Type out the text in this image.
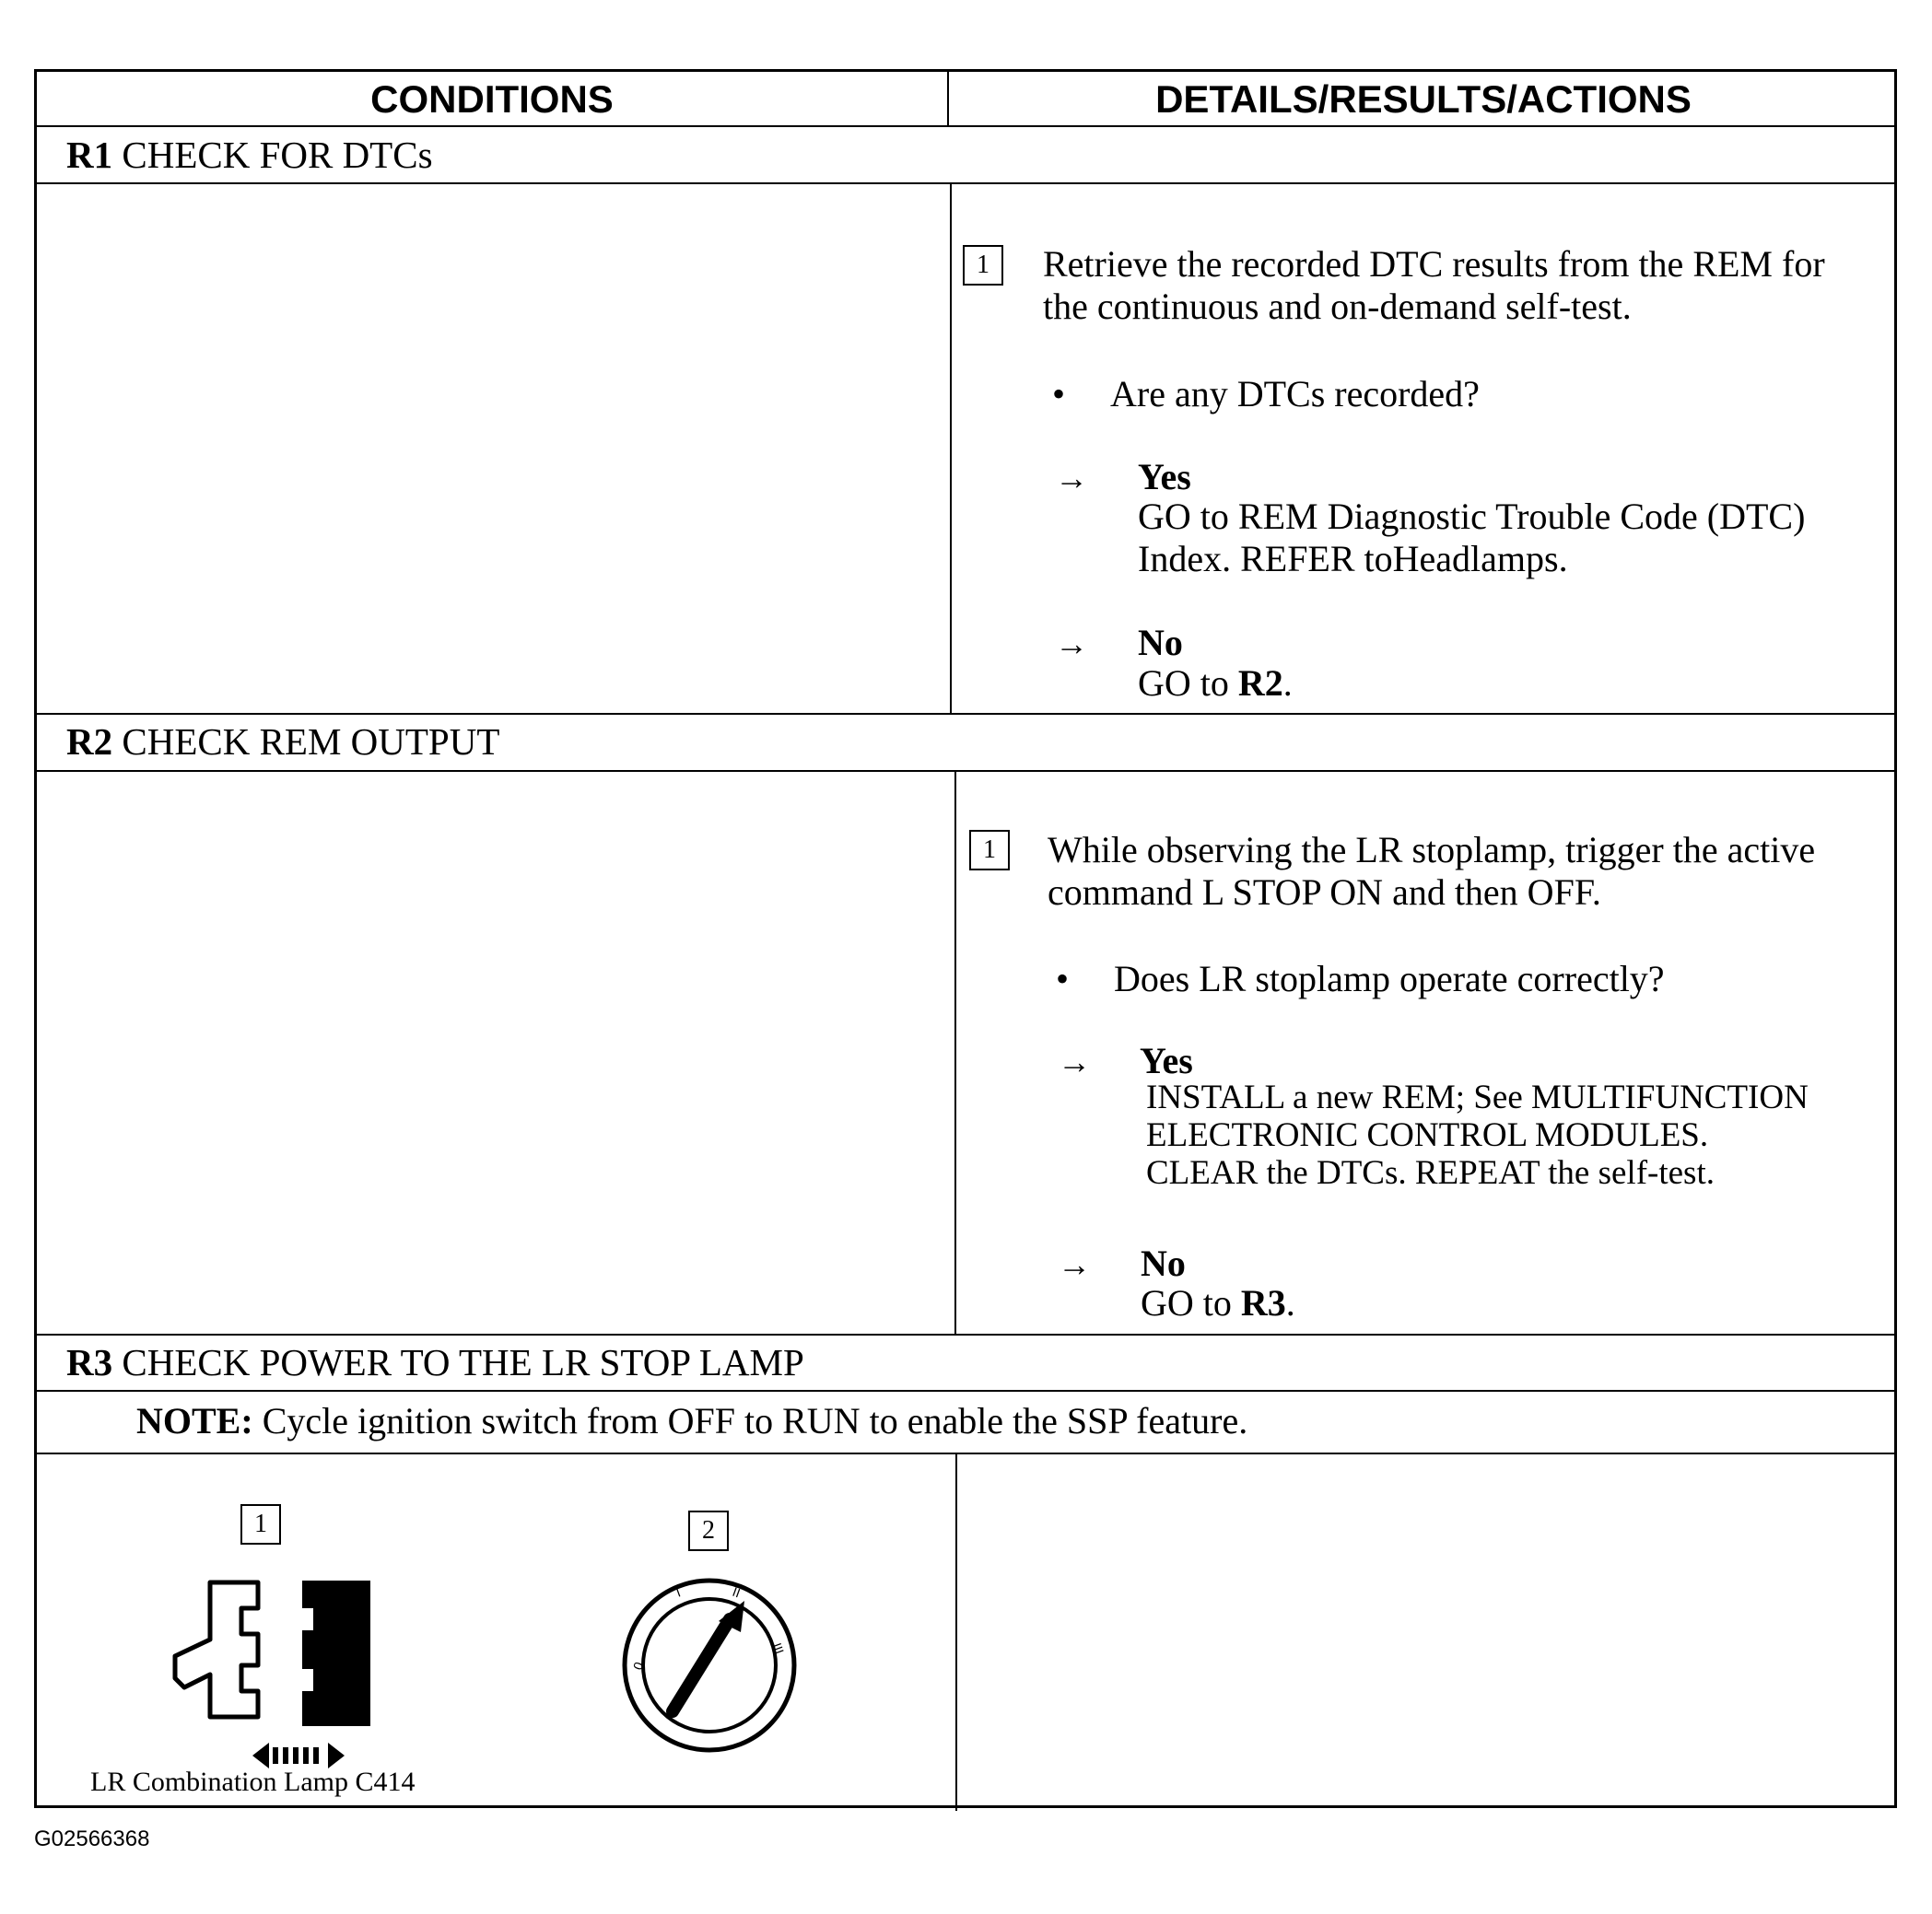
CONDITIONS	DETAILS/RESULTS/ACTIONS
R1 CHECK FOR DTCs
1	Retrieve the recorded DTC results from the REM for the continuous and on-demand self-test.
• Are any DTCs recorded?
→ Yes
GO to REM Diagnostic Trouble Code (DTC) Index. REFER toHeadlamps.
→ No
GO to R2.
R2 CHECK REM OUTPUT
1	While observing the LR stoplamp, trigger the active command L STOP ON and then OFF.
• Does LR stoplamp operate correctly?
→ Yes
INSTALL a new REM; See MULTIFUNCTION
ELECTRONIC CONTROL MODULES.
CLEAR the DTCs. REPEAT the self-test.
→ No
GO to R3.
R3 CHECK POWER TO THE LR STOP LAMP
NOTE: Cycle ignition switch from OFF to RUN to enable the SSP feature.
1
LR Combination Lamp C414
2
0
I	II
III
G02566368
